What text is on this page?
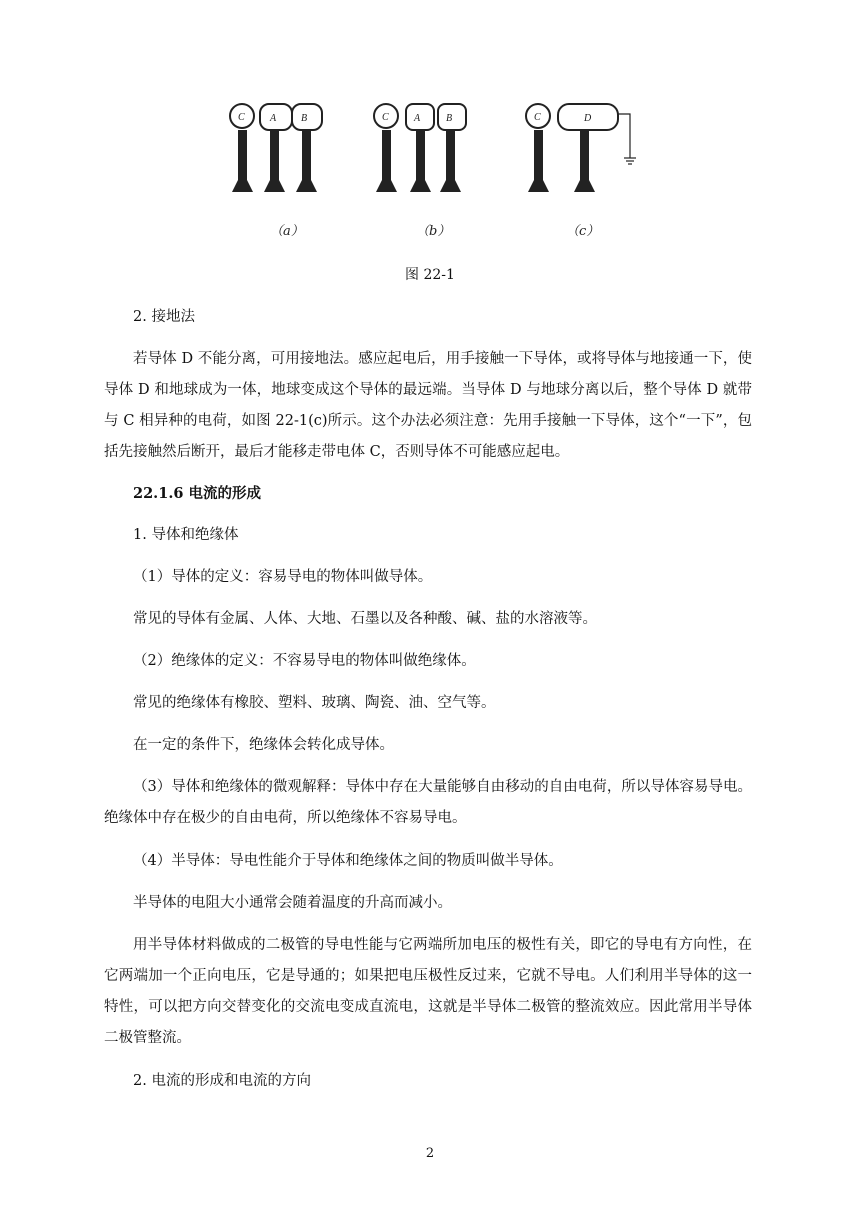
C	A B	C	A	B	C	D
（a）	（b）	（c）
图 22-1

2. 接地法

若导体 D 不能分离，可用接地法。感应起电后，用手接触一下导体，或将导体与地接通一下，使导体 D 和地球成为一体，地球变成这个导体的最远端。当导体 D 与地球分离以后，整个导体 D 就带与 C 相异种的电荷，如图 22-1(c)所示。这个办法必须注意：先用手接触一下导体，这个“一下”，包括先接触然后断开，最后才能移走带电体 C，否则导体不可能感应起电。

22.1.6 电流的形成

1. 导体和绝缘体

（1）导体的定义：容易导电的物体叫做导体。

常见的导体有金属、人体、大地、石墨以及各种酸、碱、盐的水溶液等。

（2）绝缘体的定义：不容易导电的物体叫做绝缘体。

常见的绝缘体有橡胶、塑料、玻璃、陶瓷、油、空气等。

在一定的条件下，绝缘体会转化成导体。

（3）导体和绝缘体的微观解释：导体中存在大量能够自由移动的自由电荷，所以导体容易导电。绝缘体中存在极少的自由电荷，所以绝缘体不容易导电。

（4）半导体：导电性能介于导体和绝缘体之间的物质叫做半导体。

半导体的电阻大小通常会随着温度的升高而减小。

用半导体材料做成的二极管的导电性能与它两端所加电压的极性有关，即它的导电有方向性，在它两端加一个正向电压，它是导通的；如果把电压极性反过来，它就不导电。人们利用半导体的这一特性，可以把方向交替变化的交流电变成直流电，这就是半导体二极管的整流效应。因此常用半导体二极管整流。

2. 电流的形成和电流的方向

2
